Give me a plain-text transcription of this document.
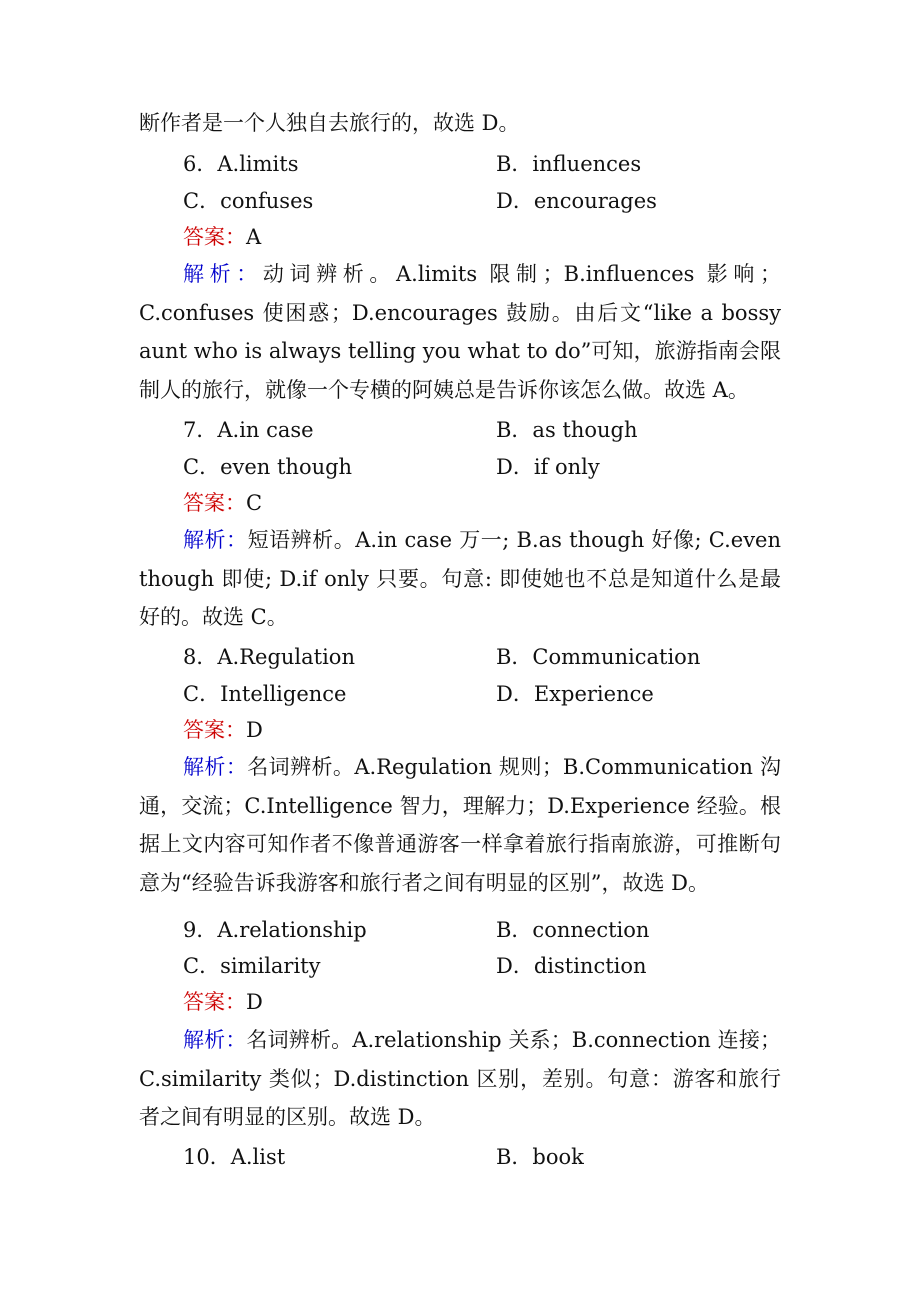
断作者是一个人独自去旅行的，故选 D。

6．A.limits	B．influences
C．confuses	D．encourages
答案：A

解析：动词辨析。A.limits 限制；B.influences 影响；C.confuses 使困惑；D.encourages 鼓励。由后文“like a bossy aunt who is always telling you what to do”可知，旅游指南会限制人的旅行，就像一个专横的阿姨总是告诉你该怎么做。故选 A。

7．A.in case	B．as though
C．even though	D．if only
答案：C

解析：短语辨析。A.in case 万一; B.as though 好像; C.even though 即使; D.if only 只要。句意: 即使她也不总是知道什么是最好的。故选 C。

8．A.Regulation	B．Communication
C．Intelligence	D．Experience
答案：D

解析：名词辨析。A.Regulation 规则；B.Communication 沟通，交流；C.Intelligence 智力，理解力；D.Experience 经验。根据上文内容可知作者不像普通游客一样拿着旅行指南旅游，可推断句意为“经验告诉我游客和旅行者之间有明显的区别”，故选 D。

9．A.relationship	B．connection
C．similarity	D．distinction
答案：D

解析：名词辨析。A.relationship 关系；B.connection 连接；C.similarity 类似；D.distinction 区别，差别。句意：游客和旅行者之间有明显的区别。故选 D。

10．A.list	B．book
